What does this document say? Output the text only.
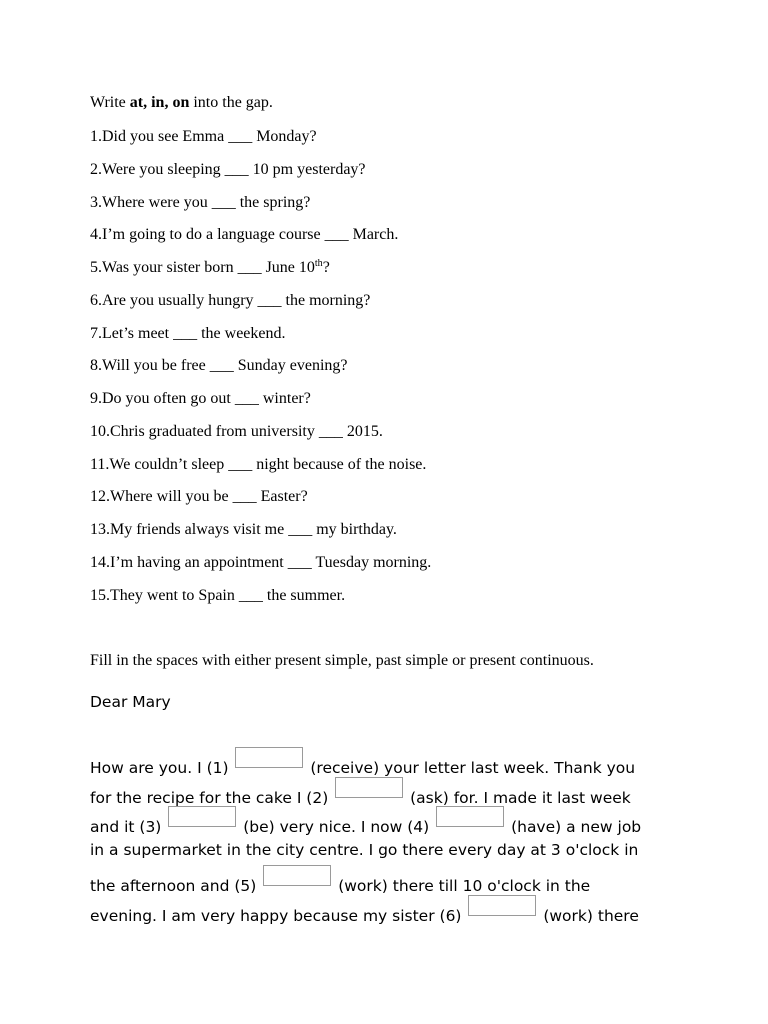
Write at, in, on into the gap.
1.Did you see Emma ___ Monday?
2.Were you sleeping ___ 10 pm yesterday?
3.Where were you ___ the spring?
4.I’m going to do a language course ___ March.
5.Was your sister born ___ June 10th?
6.Are you usually hungry ___ the morning?
7.Let’s meet ___ the weekend.
8.Will you be free ___ Sunday evening?
9.Do you often go out ___ winter?
10.Chris graduated from university ___ 2015.
11.We couldn’t sleep ___ night because of the noise.
12.Where will you be ___ Easter?
13.My friends always visit me ___ my birthday.
14.I’m having an appointment ___ Tuesday morning.
15.They went to Spain ___ the summer.
Fill in the spaces with either present simple, past simple or present continuous.
Dear Mary
How are you. I (1)	(receive) your letter last week. Thank you
for the recipe for the cake I (2)	(ask) for. I made it last week
and it (3)	(be) very nice. I now (4)	(have) a new job
in a supermarket in the city centre. I go there every day at 3 o'clock in
the afternoon and (5)	(work) there till 10 o'clock in the
evening. I am very happy because my sister (6)	(work) there
